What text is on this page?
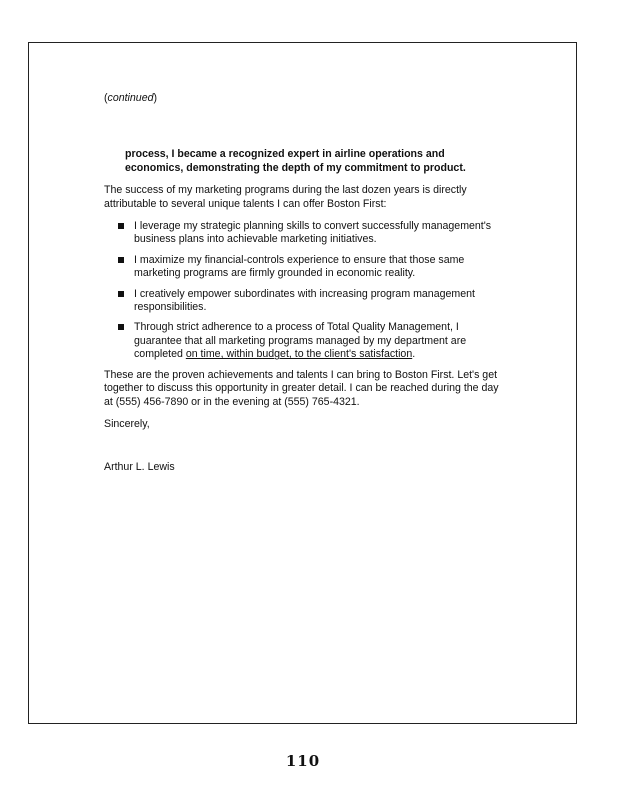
(continued)

process, I became a recognized expert in airline operations and economics, demonstrating the depth of my commitment to product.

The success of my marketing programs during the last dozen years is directly attributable to several unique talents I can offer Boston First:

I leverage my strategic planning skills to convert successfully management's business plans into achievable marketing initiatives.
I maximize my financial-controls experience to ensure that those same marketing programs are firmly grounded in economic reality.
I creatively empower subordinates with increasing program management responsibilities.
Through strict adherence to a process of Total Quality Management, I guarantee that all marketing programs managed by my department are completed on time, within budget, to the client's satisfaction.

These are the proven achievements and talents I can bring to Boston First. Let's get together to discuss this opportunity in greater detail. I can be reached during the day at (555) 456-7890 or in the evening at (555) 765-4321.

Sincerely,

Arthur L. Lewis

110
